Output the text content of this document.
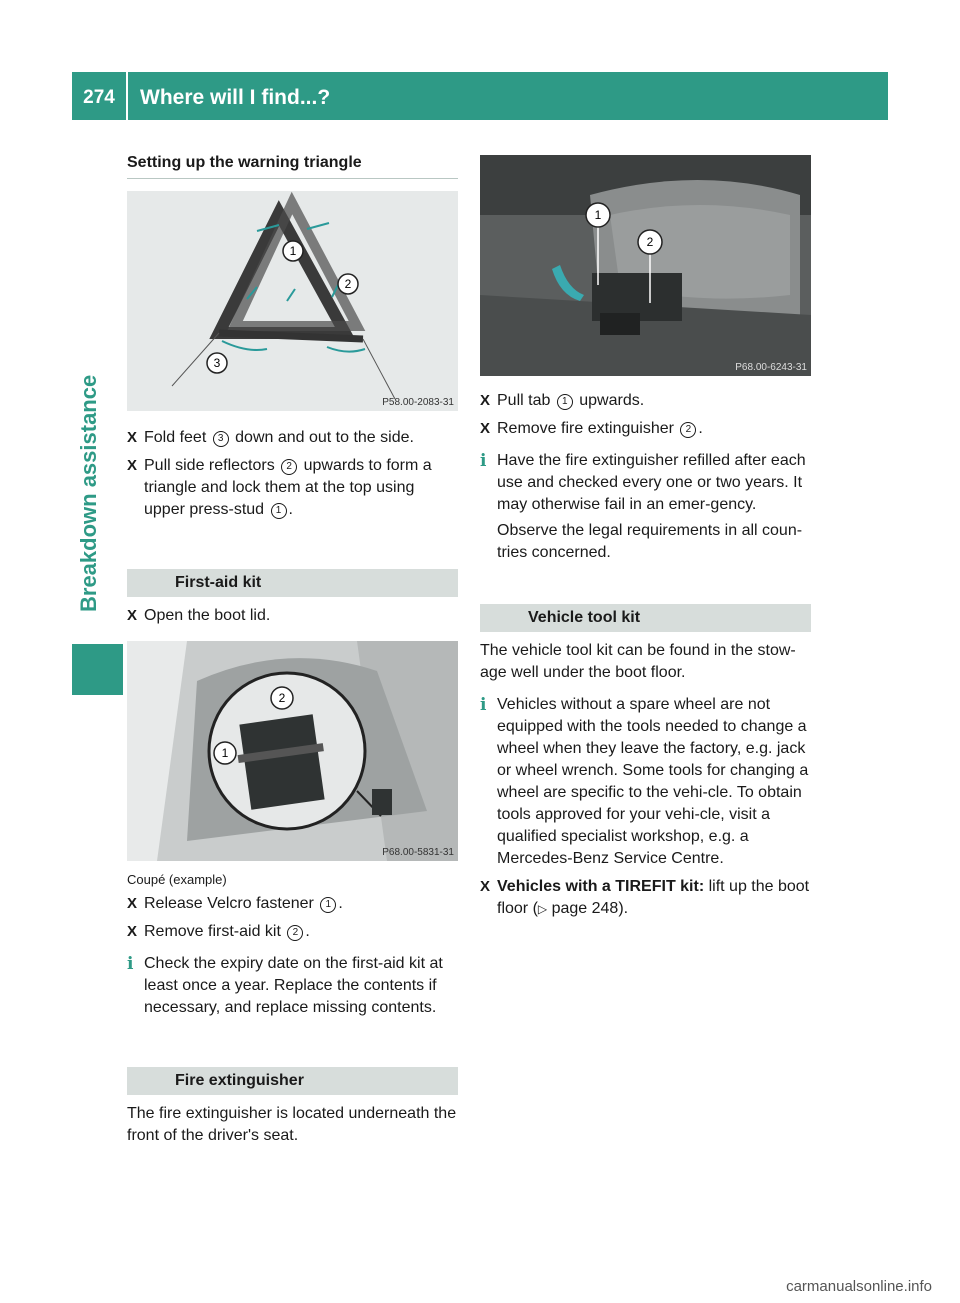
274	Where will I find...?
Breakdown assistance
Setting up the warning triangle
1
2
3
P58.00-2083-31
X Fold feet 3 down and out to the side.
X Pull side reflectors 2 upwards to form a triangle and lock them at the top using upper press-stud 1 .
First-aid kit
X Open the boot lid.
2
1
P68.00-5831-31
Coupé (example)
X Release Velcro fastener 1 .
X Remove first-aid kit 2 .
i Check the expiry date on the first-aid kit at least once a year. Replace the contents if necessary, and replace missing contents.
Fire extinguisher
The fire extinguisher is located underneath the front of the driver's seat.
1
2
P68.00-6243-31
X Pull tab 1 upwards.
X Remove fire extinguisher 2 .
i Have the fire extinguisher refilled after each use and checked every one or two years. It may otherwise fail in an emer-gency.
Observe the legal requirements in all coun-tries concerned.
Vehicle tool kit
The vehicle tool kit can be found in the stow-age well under the boot floor.
i Vehicles without a spare wheel are not equipped with the tools needed to change a wheel when they leave the factory, e.g. jack or wheel wrench. Some tools for changing a wheel are specific to the vehi-cle. To obtain tools approved for your vehi-cle, visit a qualified specialist workshop, e.g. a Mercedes-Benz Service Centre.
X Vehicles with a TIREFIT kit: lift up the boot floor (▷ page 248).
carmanualsonline.info
